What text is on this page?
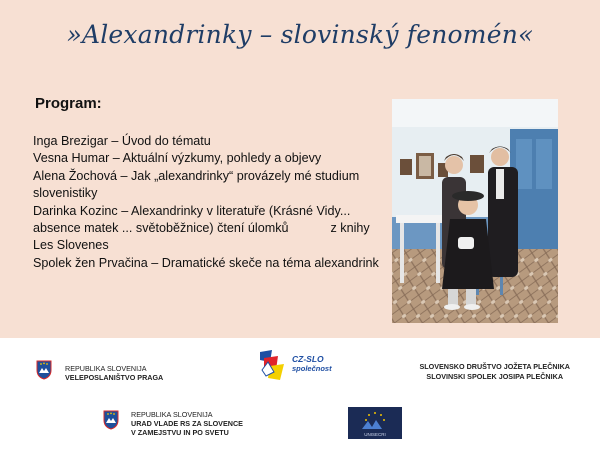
»Alexandrinky – slovinský fenomén«
Program:
Inga Brezigar – Úvod do tématu
Vesna Humar – Aktuální výzkumy, pohledy a objevy
Alena Žochová – Jak „alexandrinky“ provázely mé studium slovenistiky
Darinka Kozinc – Alexandrinky v literatuře (Krásné Vidy... absence matek ... světoběžnice) čtení úlomků            z knihy Les Slovenes
Spolek žen Prvačina – Dramatické skeče na téma alexandrink
REPUBLIKA SLOVENIJA
VELEPOSLANIŠTVO PRAGA
CZ-SLO
společnost	SLOVENSKO DRUŠTVO JOŽETA PLEČNIKA
SLOVINSKI SPOLEK JOSIPA PLEČNIKA
REPUBLIKA SLOVENIJA
URAD VLADE RS ZA SLOVENCE
V ZAMEJSTVU IN PO SVETU	UNISECRI
